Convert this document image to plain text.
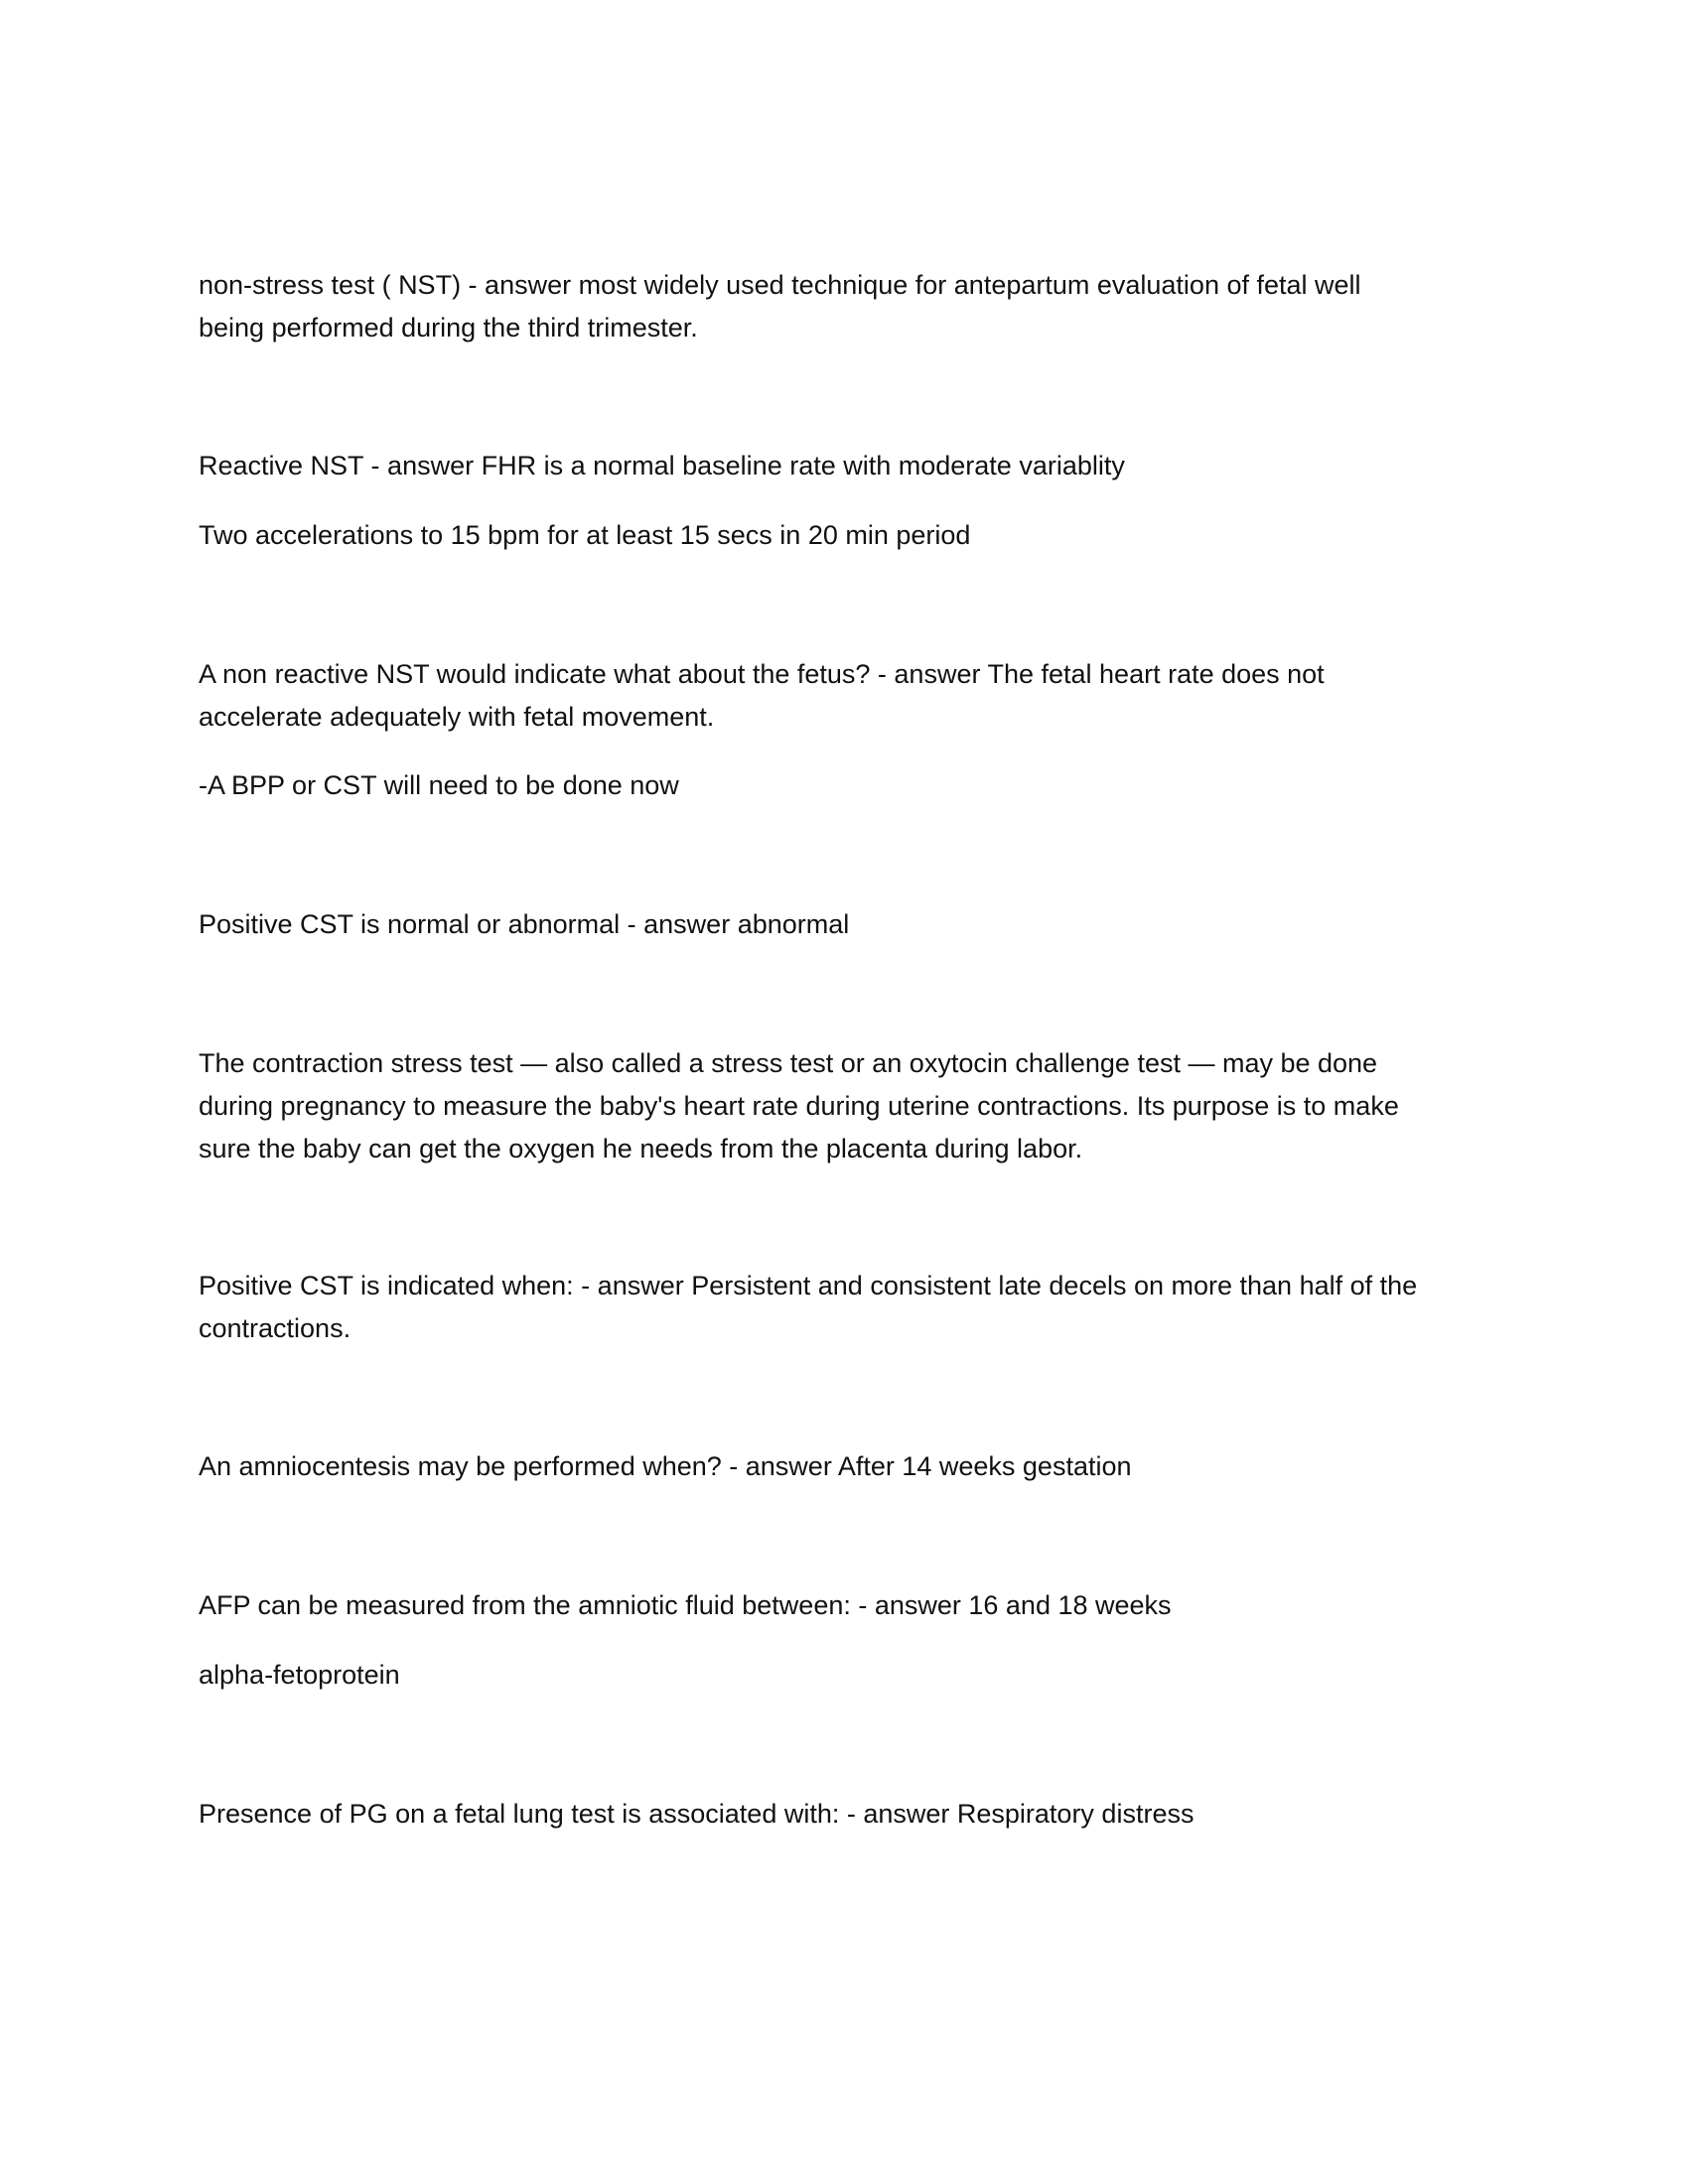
non-stress test ( NST) - answer most widely used technique for antepartum evaluation of fetal well
being performed during the third trimester.

Reactive NST - answer FHR is a normal baseline rate with moderate variablity

Two accelerations to 15 bpm for at least 15 secs in 20 min period

A non reactive NST would indicate what about the fetus? - answer The fetal heart rate does not
accelerate adequately with fetal movement.

-A BPP or CST will need to be done now

Positive CST is normal or abnormal - answer abnormal

The contraction stress test — also called a stress test or an oxytocin challenge test — may be done
during pregnancy to measure the baby's heart rate during uterine contractions. Its purpose is to make
sure the baby can get the oxygen he needs from the placenta during labor.

Positive CST is indicated when: - answer Persistent and consistent late decels on more than half of the
contractions.

An amniocentesis may be performed when? - answer After 14 weeks gestation

AFP can be measured from the amniotic fluid between: - answer 16 and 18 weeks

alpha-fetoprotein

Presence of PG on a fetal lung test is associated with: - answer Respiratory distress
